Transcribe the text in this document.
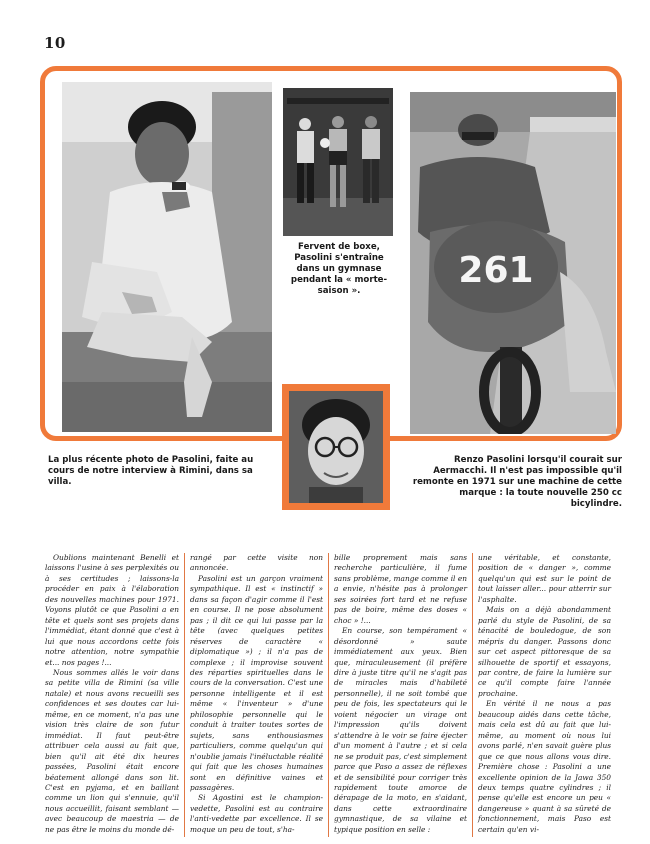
10
261
La plus récente photo de Pasolini, faite au cours de notre interview à Rimini, dans sa villa.
Fervent de boxe, Pasolini s'entraîne dans un gymnase pendant la « morte-saison ».
Renzo Pasolini lorsqu'il courait sur Aermacchi. Il n'est pas impossible qu'il remonte en 1971 sur une machine de cette marque : la toute nouvelle 250 cc bicylindre.

Oublions maintenant Benelli et laissons l'usine à ses perplexités ou à ses certitudes ; laissons-la procéder en paix à l'élaboration des nouvelles machines pour 1971. Voyons plutôt ce que Pasolini a en tête et quels sont ses projets dans l'immédiat, étant donné que c'est à lui que nous accordons cette fois notre attention, notre sympathie et... nos pages !...

Nous sommes allés le voir dans sa petite villa de Rimini (sa ville natale) et nous avons recueilli ses confidences et ses doutes car lui-même, en ce moment, n'a pas une vision très claire de son futur immédiat. Il faut peut-être attribuer cela aussi au fait que, bien qu'il ait été dix heures passées, Pasolini était encore béatement allongé dans son lit. C'est en pyjama, et en baillant comme un lion qui s'ennuie, qu'il nous accueillit, faisant semblant — avec beaucoup de maestria — de ne pas être le moins du monde dé-

rangé par cette visite non annoncée.

Pasolini est un garçon vraiment sympathique. Il est « instinctif » dans sa façon d'agir comme il l'est en course. Il ne pose absolument pas ; il dit ce qui lui passe par la tête (avec quelques petites réserves de caractère « diplomatique ») ; il n'a pas de complexe ; il improvise souvent des réparties spirituelles dans le cours de la conversation. C'est une personne intelligente et il est même « l'inventeur » d'une philosophie personnelle qui le conduit à traiter toutes sortes de sujets, sans enthousiasmes particuliers, comme quelqu'un qui n'oublie jamais l'inéluctable réalité qui fait que les choses humaines sont en définitive vaines et passagères.

Si Agostini est le champion-vedette, Pasolini est au contraire l'anti-vedette par excellence. Il se moque un peu de tout, s'ha-

bille proprement mais sans recherche particulière, il fume sans problème, mange comme il en a envie, n'hésite pas à prolonger ses soirées fort tard et ne refuse pas de boire, même des doses « choc » !...

En course, son tempérament « désordonné » saute immédiatement aux yeux. Bien que, miraculeusement (il préfère dire à juste titre qu'il ne s'agit pas de miracles mais d'habileté personnelle), il ne soit tombé que peu de fois, les spectateurs qui le voient négocier un virage ont l'impression qu'ils doivent s'attendre à le voir se faire éjecter d'un moment à l'autre ; et si cela ne se produit pas, c'est simplement parce que Paso a assez de réflexes et de sensibilité pour corriger très rapidement toute amorce de dérapage de la moto, en s'aidant, dans cette extraordinaire gymnastique, de sa vilaine et typique position en selle :

une véritable, et constante, position de « danger », comme quelqu'un qui est sur le point de tout laisser aller... pour atterrir sur l'asphalte.

Mais on a déjà abondamment parlé du style de Pasolini, de sa ténacité de bouledogue, de son mépris du danger. Passons donc sur cet aspect pittoresque de sa silhouette de sportif et essayons, par contre, de faire la lumière sur ce qu'il compte faire l'année prochaine.

En vérité il ne nous a pas beaucoup aidés dans cette tâche, mais cela est dû au fait que lui-même, au moment où nous lui avons parlé, n'en savait guère plus que ce que nous allons vous dire. Première chose : Pasolini a une excellente opinion de la Jawa 350 deux temps quatre cylindres ; il pense qu'elle est encore un peu « dangereuse » quant à sa sûreté de fonctionnement, mais Paso est certain qu'en vi-
